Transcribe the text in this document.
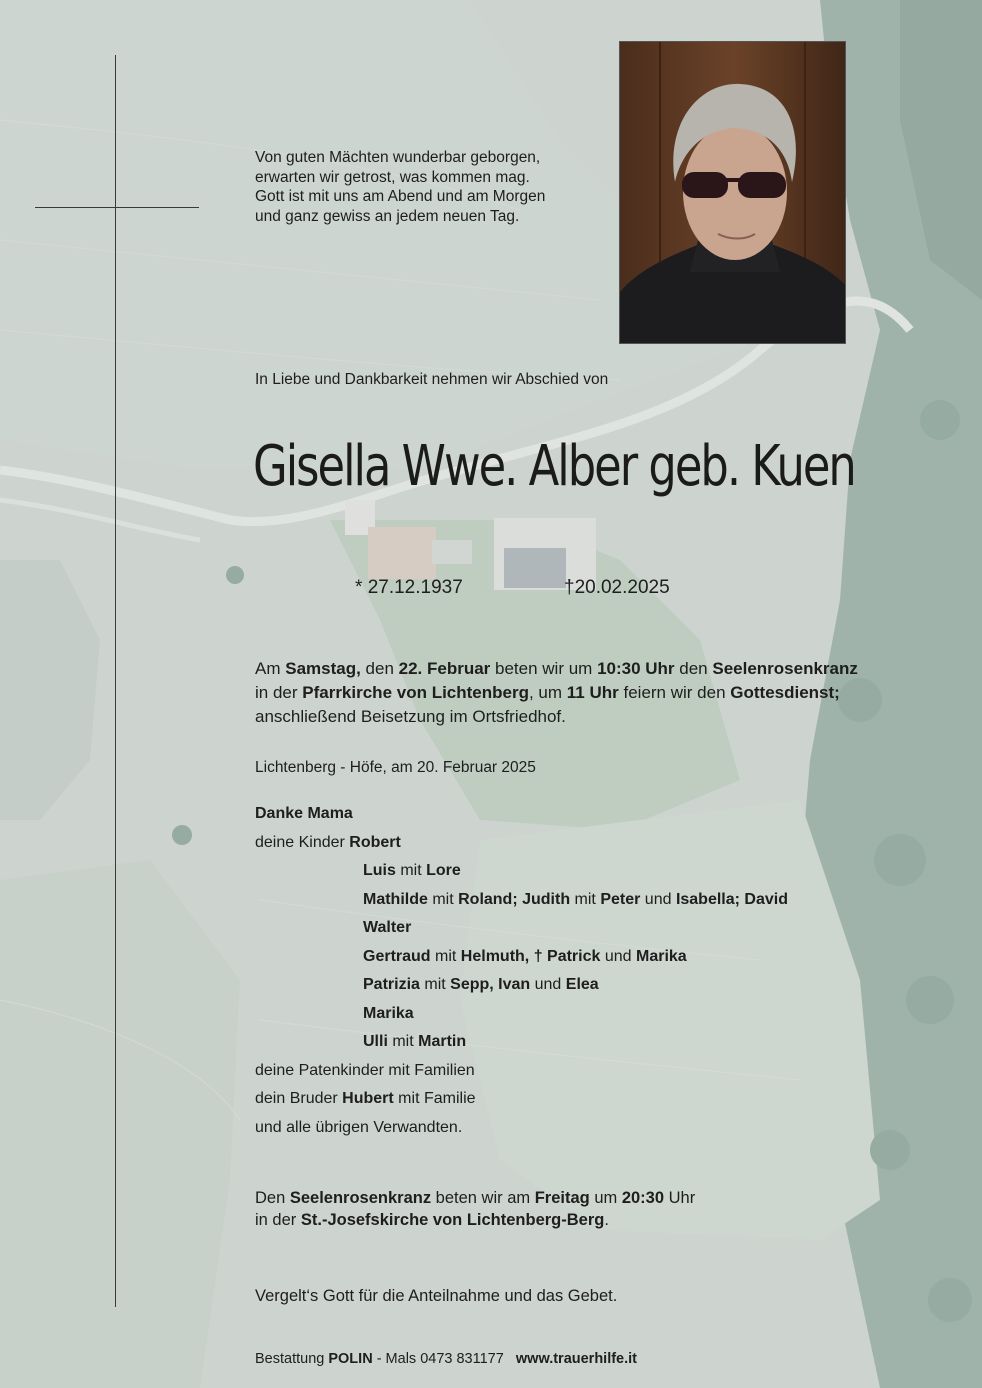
Von guten Mächten wunderbar geborgen,
erwarten wir getrost, was kommen mag.
Gott ist mit uns am Abend und am Morgen
und ganz gewiss an jedem neuen Tag.
In Liebe und Dankbarkeit nehmen wir Abschied von
Gisella Wwe. Alber geb. Kuen
* 27.12.1937	†20.02.2025
Am Samstag, den 22. Februar beten wir um 10:30 Uhr den Seelenrosenkranz
in der Pfarrkirche von Lichtenberg, um 11 Uhr feiern wir den Gottesdienst;
anschließend Beisetzung im Ortsfriedhof.
Lichtenberg - Höfe, am 20. Februar 2025
Danke Mama
deine Kinder Robert
Luis mit Lore
Mathilde mit Roland; Judith mit Peter und Isabella; David
Walter
Gertraud mit Helmuth, † Patrick und Marika
Patrizia mit Sepp, Ivan und Elea
Marika
Ulli mit Martin
deine Patenkinder mit Familien
dein Bruder Hubert mit Familie
und alle übrigen Verwandten.
Den Seelenrosenkranz beten wir am Freitag um 20:30 Uhr
in der St.-Josefskirche von Lichtenberg-Berg.
Vergelt‘s Gott für die Anteilnahme und das Gebet.
Bestattung POLIN - Mals 0473 831177 www.trauerhilfe.it
